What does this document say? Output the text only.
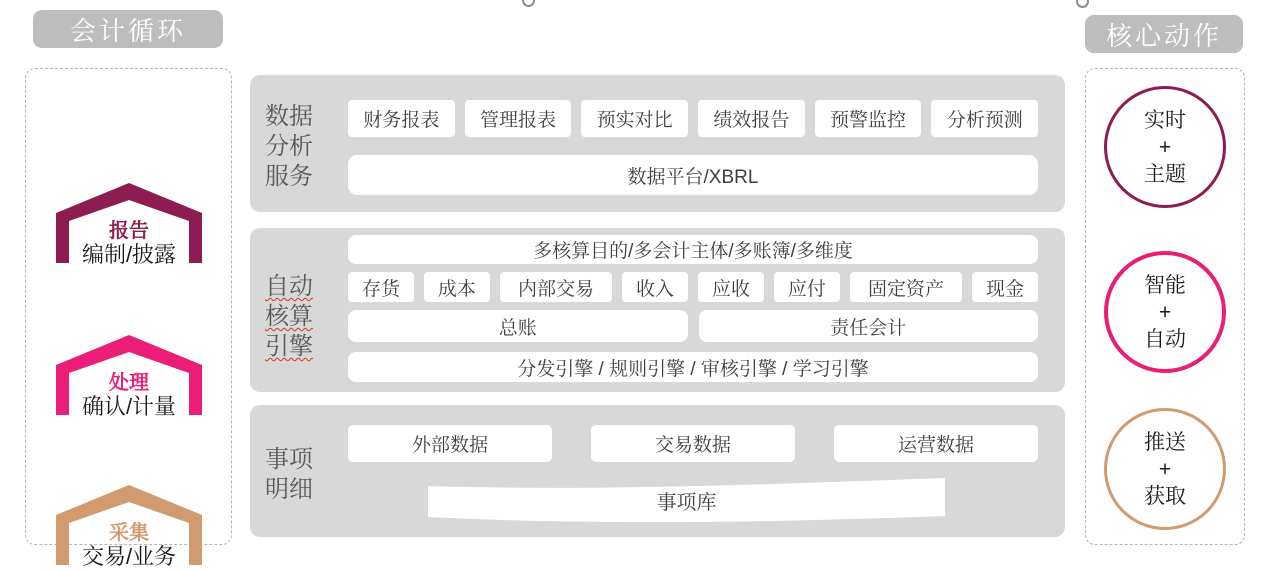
会计循环	核心动作
报告
编制/披露
处理
确认/计量
采集
交易/业务
数据
分析
服务
财务报表	管理报表	预实对比	绩效报告	预警监控	分析预测
数据平台/XBRL
自动
核算
引擎
多核算目的/多会计主体/多账簿/多维度
存货	成本	内部交易	收入	应收	应付	固定资产	现金
总账	责任会计
分发引擎 / 规则引擎 / 审核引擎 / 学习引擎
事项
明细
外部数据	交易数据	运营数据
事项库
实时
+
主题
智能
+
自动
推送
+
获取
